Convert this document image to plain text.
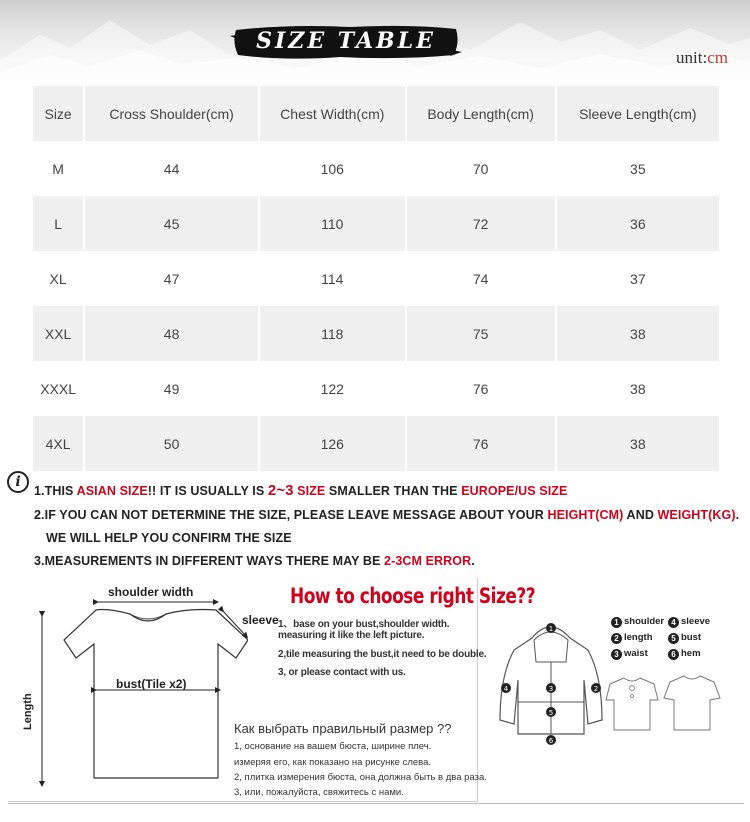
SIZE TABLE
unit:cm
Size	Cross Shoulder(cm)	Chest Width(cm)	Body Length(cm)	Sleeve Length(cm)
M	44	106	70	35
L	45	110	72	36
XL	47	114	74	37
XXL	48	118	75	38
XXXL	49	122	76	38
4XL	50	126	76	38
i
1.THIS ASIAN SIZE!! IT IS USUALLY IS 2~3 SIZE SMALLER THAN THE EUROPE/US SIZE
2.IF YOU CAN NOT DETERMINE THE SIZE, PLEASE LEAVE MESSAGE ABOUT YOUR HEIGHT(CM) AND WEIGHT(KG).
WE WILL HELP YOU CONFIRM THE SIZE
3.MEASUREMENTS IN DIFFERENT WAYS THERE MAY BE 2-3CM ERROR.
shoulder width
sleeve
bust(Tile x2)
Length
How to choose right Size??
1、base on your bust,shoulder width.
measuring it like the left picture.
2,tile measuring the bust,it need to be double.
3, or please contact with us.
Как выбрать правильный размер ??
1, основание на вашем бюста, ширине плеч.
измеряя его, как показано на рисунке слева.
2, плитка измерения бюста, она должна быть в два раза.
3, или, пожалуйста, свяжитесь с нами.
1
2
3
4
5
6
1 shoulder
2 length
3 waist
4 sleeve
5 bust
6 hem
